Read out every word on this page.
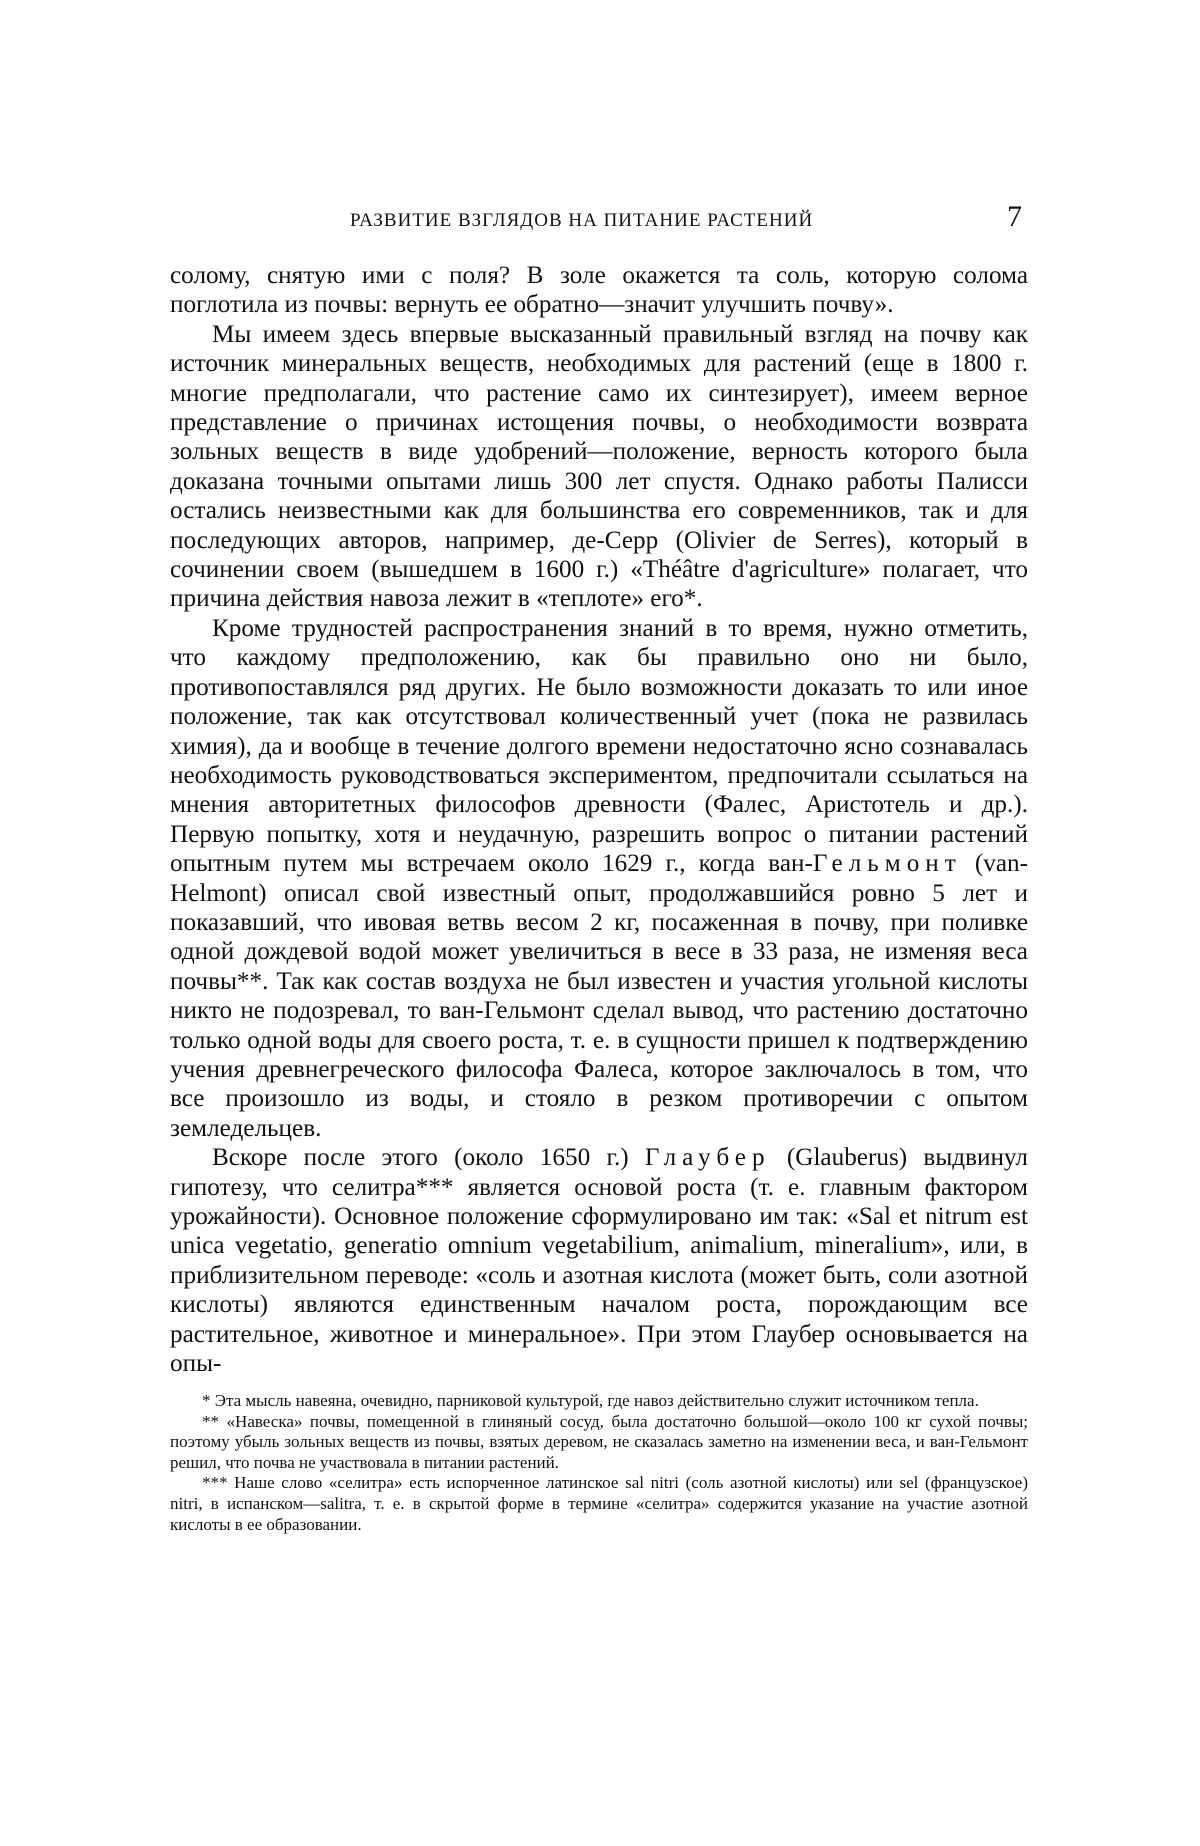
РАЗВИТИЕ ВЗГЛЯДОВ НА ПИТАНИЕ РАСТЕНИЙ	7

солому, снятую ими с поля? В золе окажется та соль, которую солома поглотила из почвы: вернуть ее обратно—значит улучшить почву».

Мы имеем здесь впервые высказанный правильный взгляд на почву как источник минеральных веществ, необходимых для растений (еще в 1800 г. многие предполагали, что растение само их синтезирует), имеем верное представление о причинах истощения почвы, о необходимости возврата зольных веществ в виде удобрений—положение, верность которого была доказана точными опытами лишь 300 лет спустя. Однако работы Палисси остались неизвестными как для большинства его современников, так и для последующих авторов, например, де-Серр (Olivier de Serres), который в сочинении своем (вышедшем в 1600 г.) «Théâtre d'agriculture» полагает, что причина действия навоза лежит в «теплоте» его*.

Кроме трудностей распространения знаний в то время, нужно отметить, что каждому предположению, как бы правильно оно ни было, противопоставлялся ряд других. Не было возможности доказать то или иное положение, так как отсутствовал количественный учет (пока не развилась химия), да и вообще в течение долгого времени недостаточно ясно сознавалась необходимость руководствоваться экспериментом, предпочитали ссылаться на мнения авторитетных философов древности (Фалес, Аристотель и др.). Первую попытку, хотя и неудачную, разрешить вопрос о питании растений опытным путем мы встречаем около 1629 г., когда ван-Гельмонт (van-Helmont) описал свой известный опыт, продолжавшийся ровно 5 лет и показавший, что ивовая ветвь весом 2 кг, посаженная в почву, при поливке одной дождевой водой может увеличиться в весе в 33 раза, не изменяя веса почвы**. Так как состав воздуха не был известен и участия угольной кислоты никто не подозревал, то ван-Гельмонт сделал вывод, что растению достаточно только одной воды для своего роста, т. е. в сущности пришел к подтверждению учения древнегреческого философа Фалеса, которое заключалось в том, что все произошло из воды, и стояло в резком противоречии с опытом земледельцев.

Вскоре после этого (около 1650 г.) Глаубер (Glauberus) выдвинул гипотезу, что селитра*** является основой роста (т. е. главным фактором урожайности). Основное положение сформулировано им так: «Sal et nitrum est unica vegetatio, generatio omnium vegetabilium, animalium, mineralium», или, в приблизительном переводе: «соль и азотная кислота (может быть, соли азотной кислоты) являются единственным началом роста, порождающим все растительное, животное и минеральное». При этом Глаубер основывается на опы-

* Эта мысль навеяна, очевидно, парниковой культурой, где навоз действительно служит источником тепла.

** «Навеска» почвы, помещенной в глиняный сосуд, была достаточно большой—около 100 кг сухой почвы; поэтому убыль зольных веществ из почвы, взятых деревом, не сказалась заметно на изменении веса, и ван-Гельмонт решил, что почва не участвовала в питании растений.

*** Наше слово «селитра» есть испорченное латинское sal nitri (соль азотной кислоты) или sel (французское) nitri, в испанском—salitra, т. е. в скрытой форме в термине «селитра» содержится указание на участие азотной кислоты в ее образовании.
